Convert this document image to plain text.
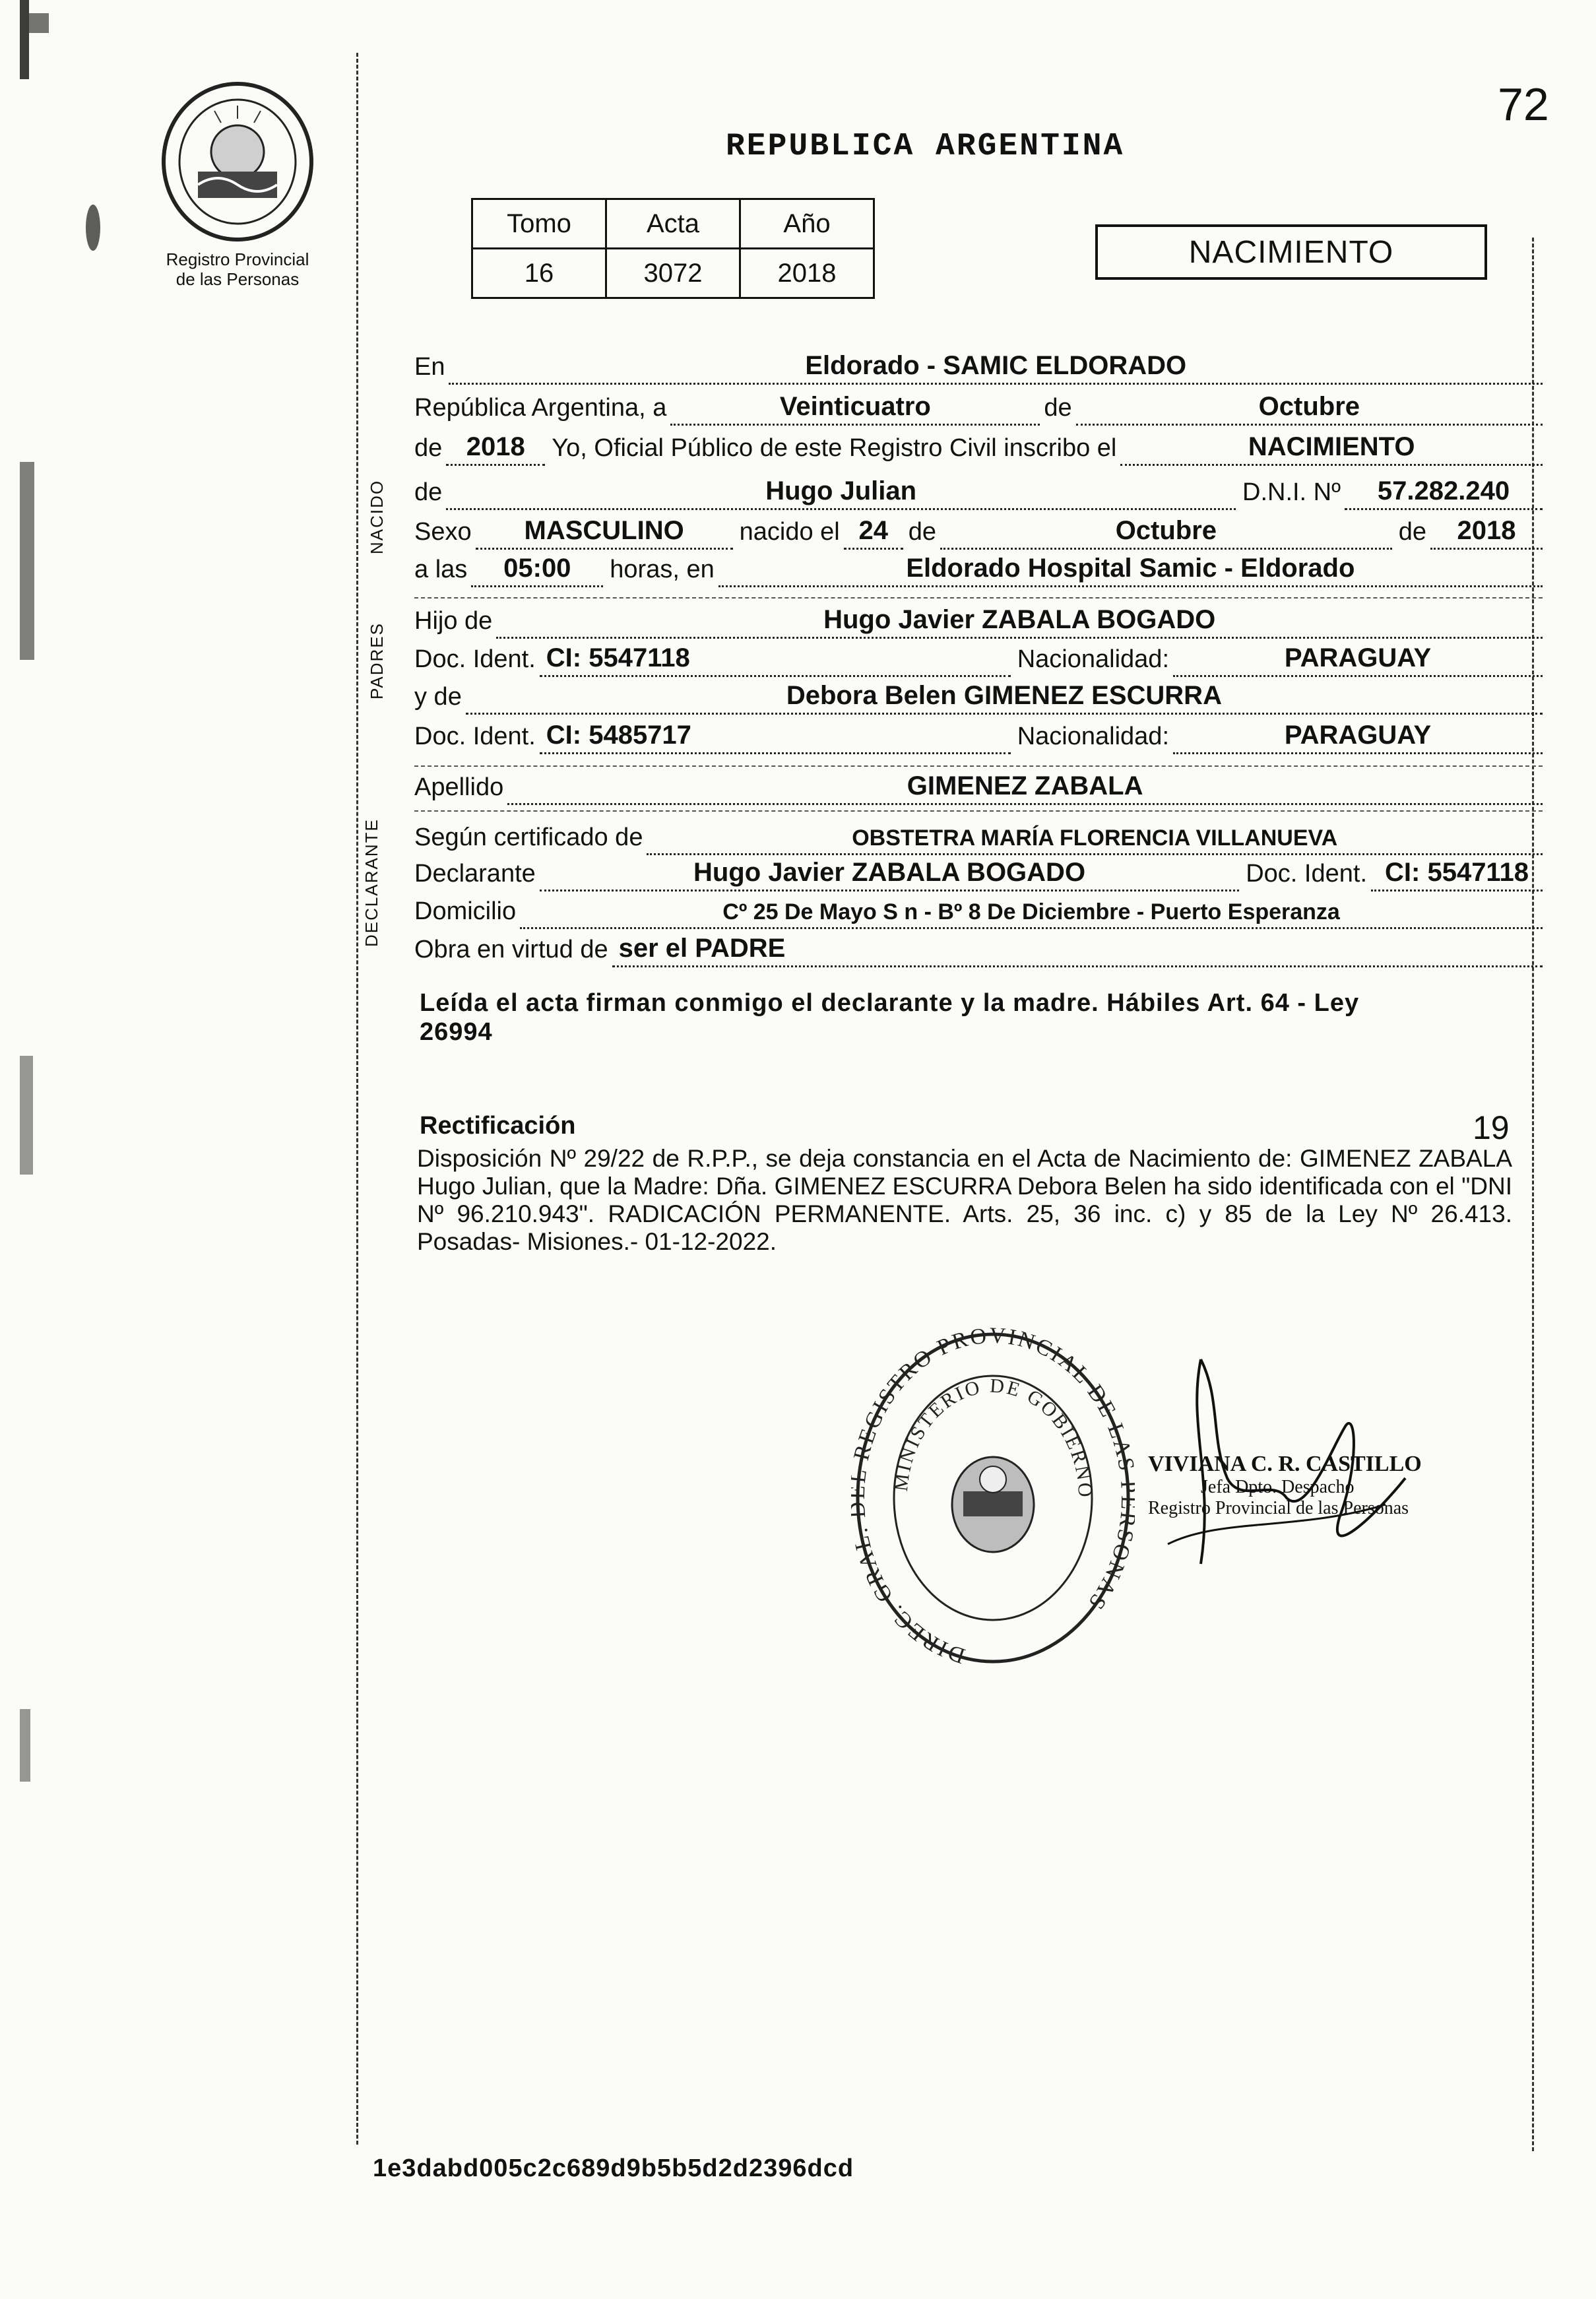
Registro Provincial
de las Personas
REPUBLICA ARGENTINA
72
Tomo	Acta	Año
16	3072	2018
NACIMIENTO
NACIDO
PADRES
DECLARANTE
En	Eldorado - SAMIC ELDORADO
República Argentina, a	Veinticuatro	de	Octubre
de 2018 Yo, Oficial Público de este Registro Civil inscribo el	NACIMIENTO
de	Hugo Julian	D.N.I. Nº 57.282.240
Sexo MASCULINO nacido el 24 de	Octubre	de 2018
a las 05:00 horas, en	Eldorado Hospital Samic - Eldorado
Hijo de	Hugo Javier ZABALA BOGADO
Doc. Ident. CI: 5547118	Nacionalidad:	PARAGUAY
y de	Debora Belen GIMENEZ ESCURRA
Doc. Ident. CI: 5485717	Nacionalidad:	PARAGUAY
Apellido	GIMENEZ ZABALA
Según certificado de	OBSTETRA MARÍA FLORENCIA VILLANUEVA
Declarante	Hugo Javier ZABALA BOGADO	Doc. Ident. CI: 5547118
Domicilio	Cº 25 De Mayo S n - Bº 8 De Diciembre - Puerto Esperanza
Obra en virtud de ser el PADRE
Leída el acta firman conmigo el declarante y la madre. Hábiles Art. 64 - Ley
26994
Rectificación	19
Disposición Nº 29/22 de R.P.P., se deja constancia en el Acta de Nacimiento de: GIMENEZ ZABALA Hugo Julian, que la Madre: Dña. GIMENEZ ESCURRA Debora Belen ha sido identificada con el "DNI Nº 96.210.943". RADICACIÓN PERMANENTE. Arts. 25, 36 inc. c) y 85 de la Ley Nº 26.413. Posadas- Misiones.- 01-12-2022.
DIREC. GRAL REGISTRO PROVINCIAL DE LA ONAS
MINISTERIO DE GOBIERNO
VIVIANA C. R. CASTILLO
Jefa Dpto. Despacho
Registro Provincial de las Personas
1e3dabd005c2c689d9b5b5d2d2396dcd
